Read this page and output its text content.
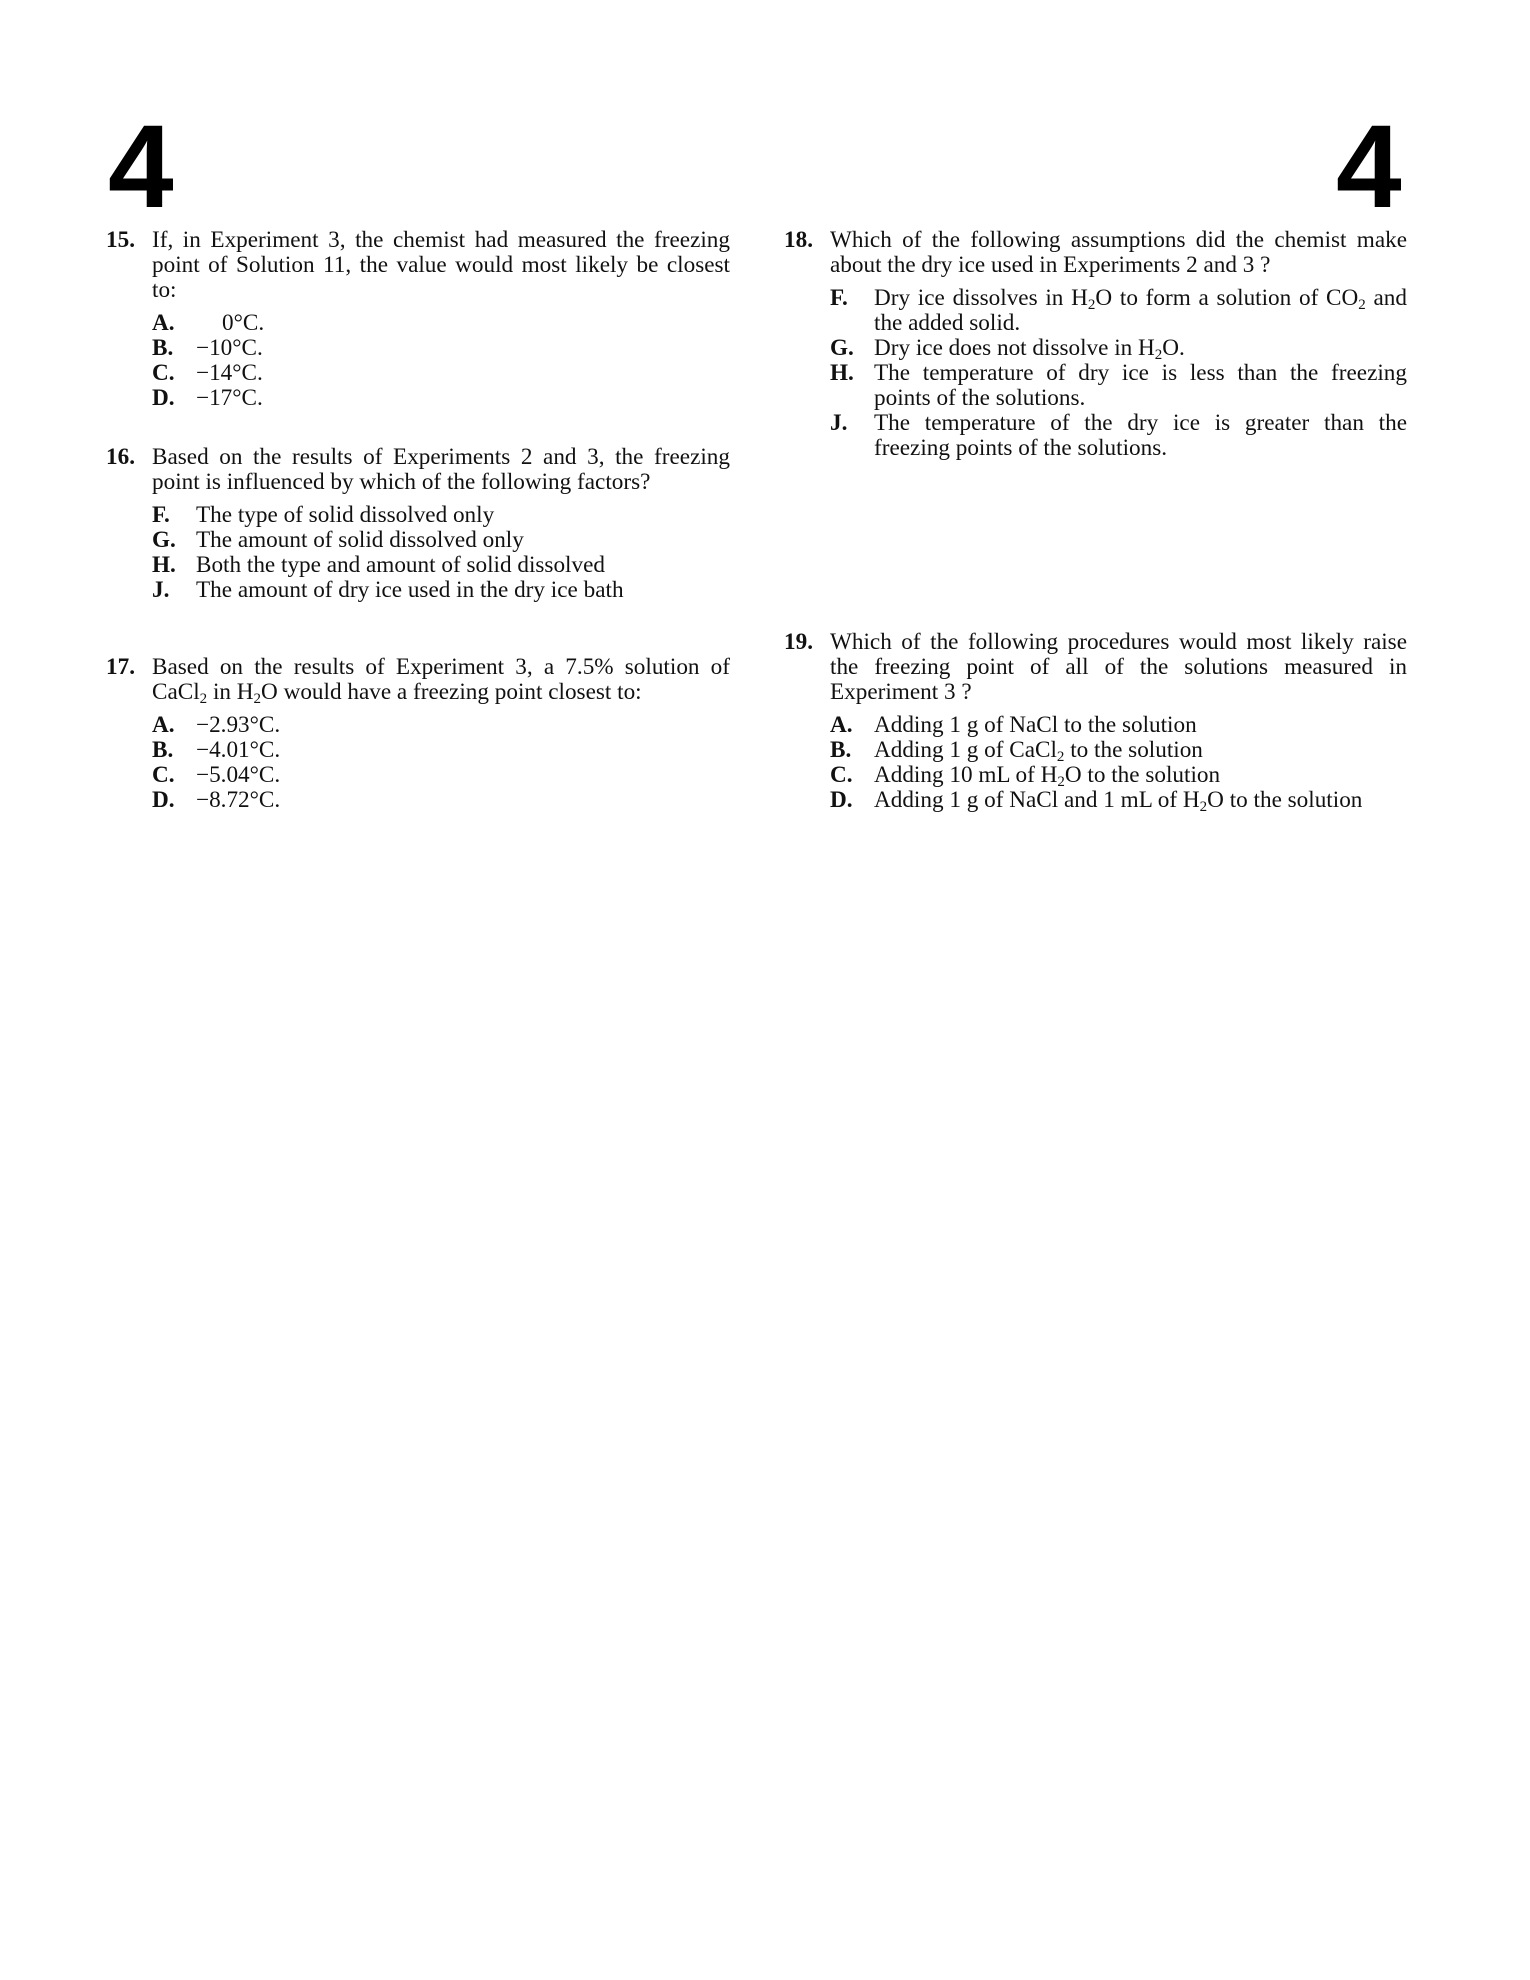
4	4
15. If, in Experiment 3, the chemist had measured the freezing point of Solution 11, the value would most likely be closest to:
A. 0°C.
B. −10°C.
C. −14°C.
D. −17°C.
16. Based on the results of Experiments 2 and 3, the freezing point is influenced by which of the following factors?
F. The type of solid dissolved only
G. The amount of solid dissolved only
H. Both the type and amount of solid dissolved
J. The amount of dry ice used in the dry ice bath
17. Based on the results of Experiment 3, a 7.5% solution of CaCl$_2$ in $H_2O$ would have a freezing point closest to:
A. −2.93°C.
B. −4.01°C.
C. −5.04°C.
D. −8.72°C.
18. Which of the following assumptions did the chemist make about the dry ice used in Experiments 2 and 3 ?
F. Dry ice dissolves in $H_2O$ to form a solution of $CO_2$ and the added solid.
G. Dry ice does not dissolve in $H_2O$.
H. The temperature of dry ice is less than the freezing points of the solutions.
J. The temperature of the dry ice is greater than the freezing points of the solutions.
19. Which of the following procedures would most likely raise the freezing point of all of the solutions measured in Experiment 3 ?
A. Adding 1 g of NaCl to the solution
B. Adding 1 g of CaCl$_2$ to the solution
C. Adding 10 mL of $H_2O$ to the solution
D. Adding 1 g of NaCl and 1 mL of $H_2O$ to the solution
